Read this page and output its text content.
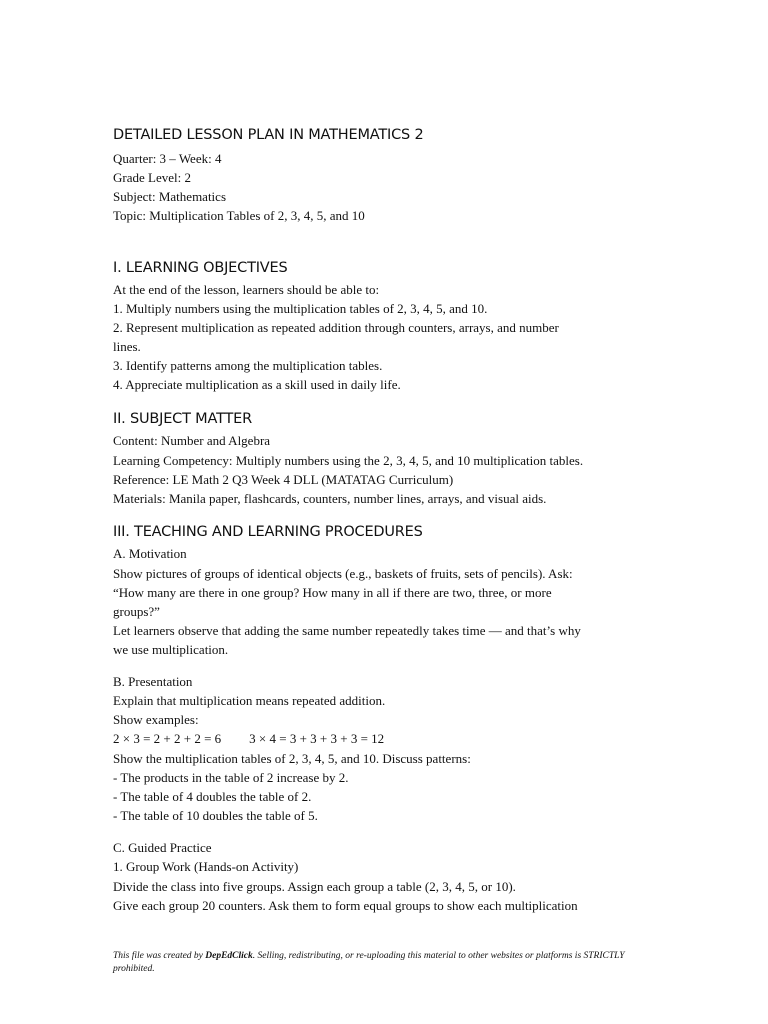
DETAILED LESSON PLAN IN MATHEMATICS 2
Quarter: 3 – Week: 4
Grade Level: 2
Subject: Mathematics
Topic: Multiplication Tables of 2, 3, 4, 5, and 10
I. LEARNING OBJECTIVES
At the end of the lesson, learners should be able to:
1. Multiply numbers using the multiplication tables of 2, 3, 4, 5, and 10.
2. Represent multiplication as repeated addition through counters, arrays, and number
lines.
3. Identify patterns among the multiplication tables.
4. Appreciate multiplication as a skill used in daily life.
II. SUBJECT MATTER
Content: Number and Algebra
Learning Competency: Multiply numbers using the 2, 3, 4, 5, and 10 multiplication tables.
Reference: LE Math 2 Q3 Week 4 DLL (MATATAG Curriculum)
Materials: Manila paper, flashcards, counters, number lines, arrays, and visual aids.
III. TEACHING AND LEARNING PROCEDURES
A. Motivation
Show pictures of groups of identical objects (e.g., baskets of fruits, sets of pencils). Ask:
“How many are there in one group? How many in all if there are two, three, or more
groups?”
Let learners observe that adding the same number repeatedly takes time — and that’s why
we use multiplication.
B. Presentation
Explain that multiplication means repeated addition.
Show examples:
2 × 3 = 2 + 2 + 2 = 6 3 × 4 = 3 + 3 + 3 + 3 = 12
Show the multiplication tables of 2, 3, 4, 5, and 10. Discuss patterns:
- The products in the table of 2 increase by 2.
- The table of 4 doubles the table of 2.
- The table of 10 doubles the table of 5.
C. Guided Practice
1. Group Work (Hands-on Activity)
Divide the class into five groups. Assign each group a table (2, 3, 4, 5, or 10).
Give each group 20 counters. Ask them to form equal groups to show each multiplication
This file was created by DepEdClick. Selling, redistributing, or re-uploading this material to other websites or platforms is STRICTLY prohibited.
